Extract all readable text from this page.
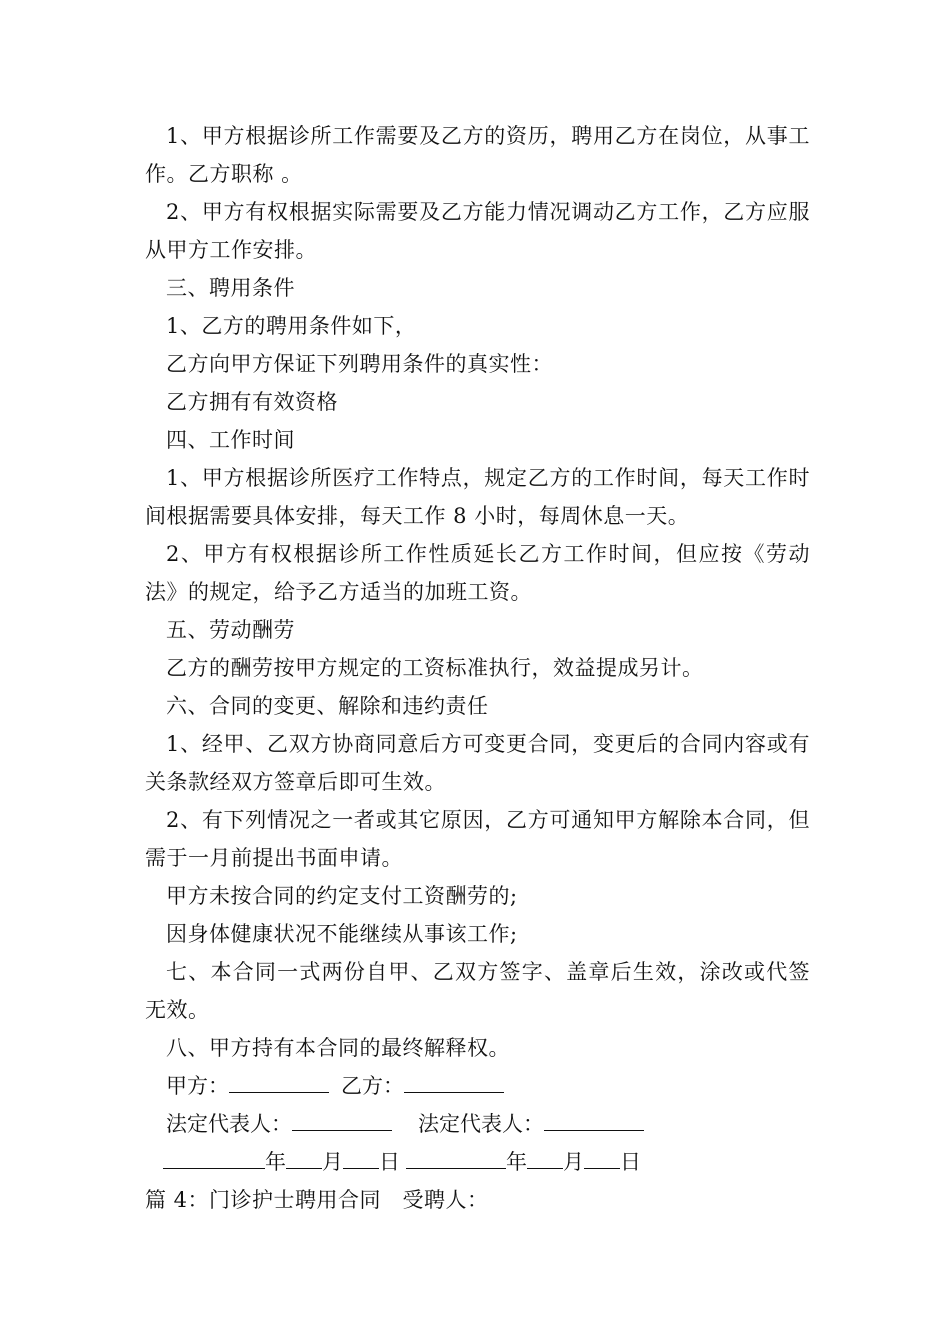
1、甲方根据诊所工作需要及乙方的资历，聘用乙方在岗位，从事工作。乙方职称 。

2、甲方有权根据实际需要及乙方能力情况调动乙方工作，乙方应服从甲方工作安排。

三、聘用条件

1、乙方的聘用条件如下，

乙方向甲方保证下列聘用条件的真实性：

乙方拥有有效资格

四、工作时间

1、甲方根据诊所医疗工作特点，规定乙方的工作时间，每天工作时间根据需要具体安排，每天工作 8 小时，每周休息一天。

2、甲方有权根据诊所工作性质延长乙方工作时间，但应按《劳动法》的规定，给予乙方适当的加班工资。

五、劳动酬劳

乙方的酬劳按甲方规定的工资标准执行，效益提成另计。

六、合同的变更、解除和违约责任

1、经甲、乙双方协商同意后方可变更合同，变更后的合同内容或有关条款经双方签章后即可生效。

2、有下列情况之一者或其它原因，乙方可通知甲方解除本合同，但需于一月前提出书面申请。

甲方未按合同的约定支付工资酬劳的;

因身体健康状况不能继续从事该工作;

七、本合同一式两份自甲、乙双方签字、盖章后生效，涂改或代签无效。

八、甲方持有本合同的最终解释权。

甲方：	乙方：
法定代表人：	法定代表人：
年 月 日	年 月 日

篇 4：门诊护士聘用合同　受聘人：
